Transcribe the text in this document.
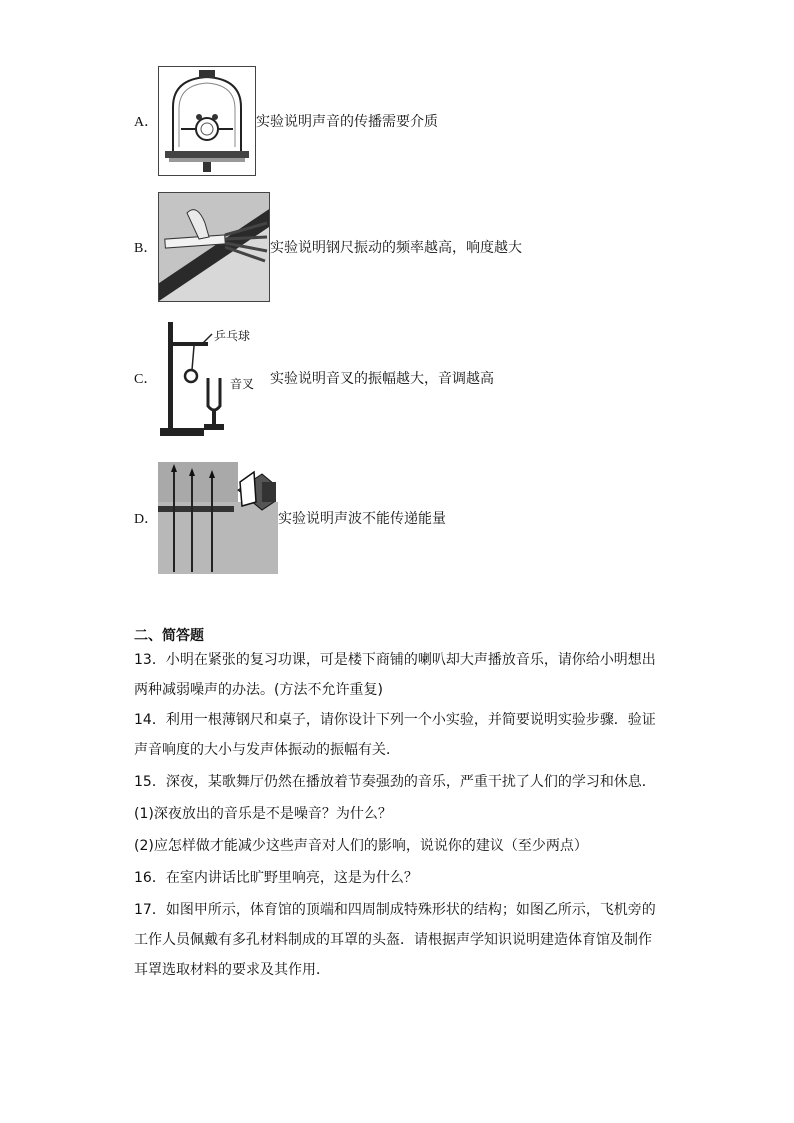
A．	实验说明声音的传播需要介质
B．	实验说明钢尺振动的频率越高，响度越大
C．
乒乓球
音叉 实验说明音叉的振幅越大，音调越高
D．	实验说明声波不能传递能量
二、简答题
13．小明在紧张的复习功课，可是楼下商铺的喇叭却大声播放音乐，请你给小明想出两种减弱噪声的办法。(方法不允许重复)
14．利用一根薄钢尺和桌子，请你设计下列一个小实验，并简要说明实验步骤．验证声音响度的大小与发声体振动的振幅有关．
15．深夜，某歌舞厅仍然在播放着节奏强劲的音乐，严重干扰了人们的学习和休息．
(1)深夜放出的音乐是不是噪音？为什么？
(2)应怎样做才能减少这些声音对人们的影响，说说你的建议（至少两点）
16．在室内讲话比旷野里响亮，这是为什么？
17．如图甲所示，体育馆的顶端和四周制成特殊形状的结构；如图乙所示，飞机旁的工作人员佩戴有多孔材料制成的耳罩的头盔．请根据声学知识说明建造体育馆及制作耳罩选取材料的要求及其作用．
